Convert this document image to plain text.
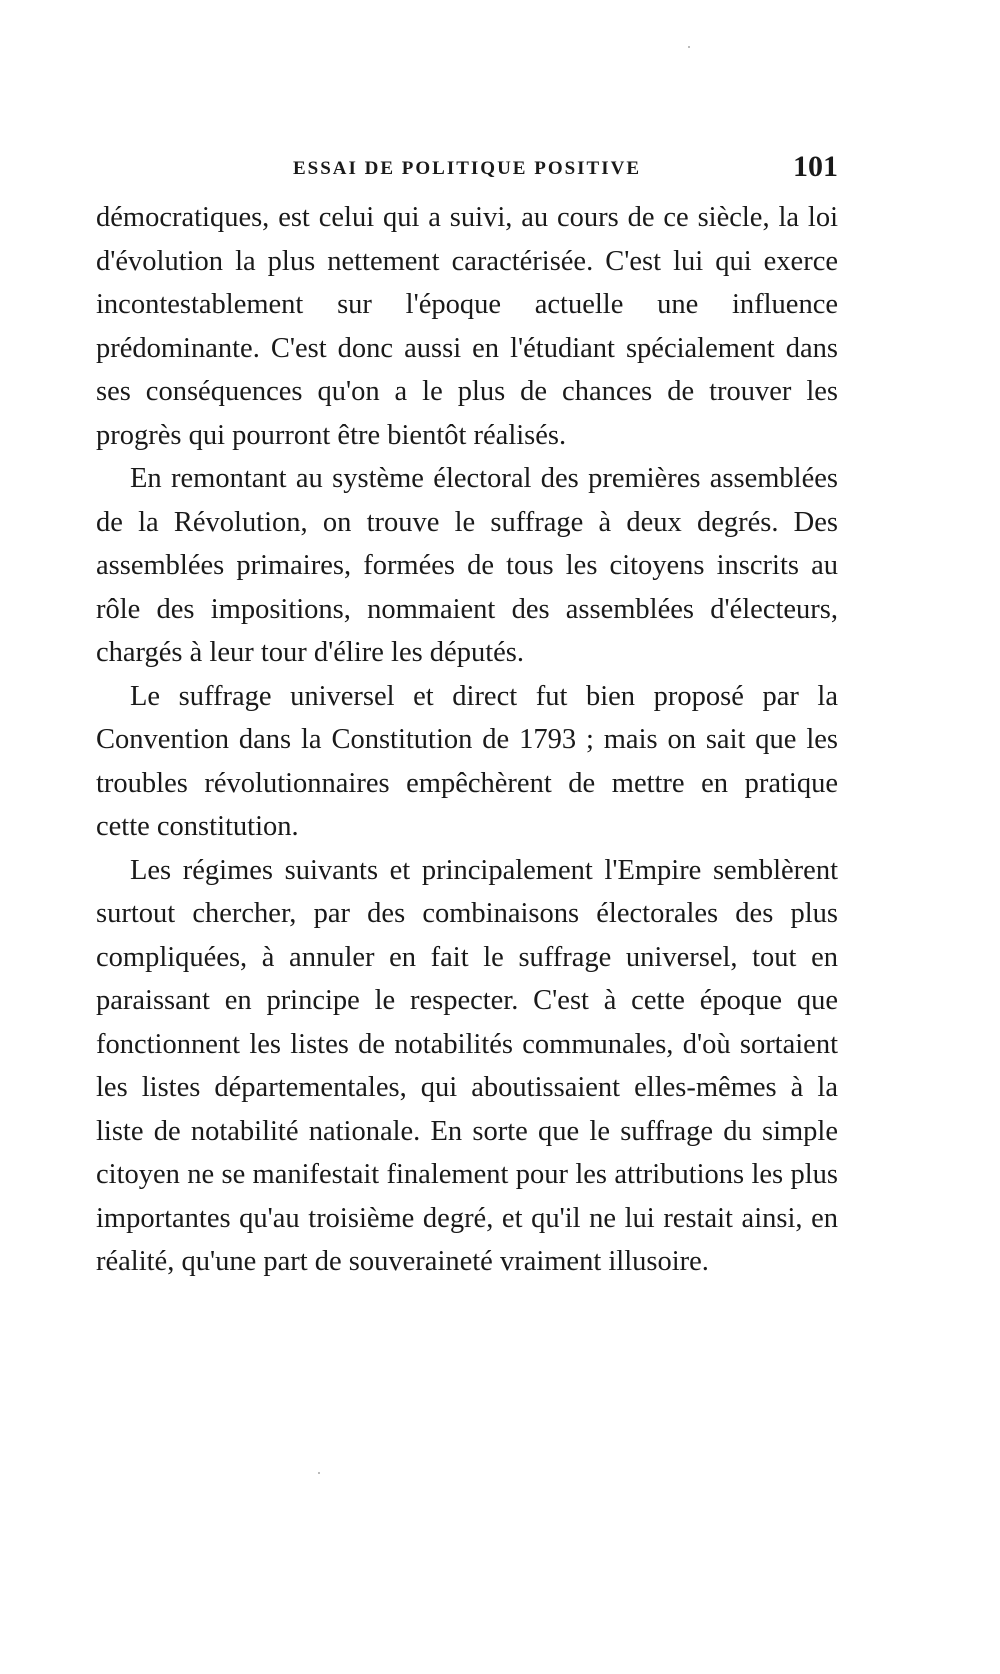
ESSAI DE POLITIQUE POSITIVE	101

démocratiques, est celui qui a suivi, au cours de ce siècle, la loi d'évolution la plus nettement caractérisée. C'est lui qui exerce incontestablement sur l'époque actuelle une influence prédominante. C'est donc aussi en l'étudiant spécialement dans ses conséquences qu'on a le plus de chances de trouver les progrès qui pourront être bientôt réalisés.

En remontant au système électoral des premières assemblées de la Révolution, on trouve le suffrage à deux degrés. Des assemblées primaires, formées de tous les citoyens inscrits au rôle des impositions, nommaient des assemblées d'électeurs, chargés à leur tour d'élire les députés.

Le suffrage universel et direct fut bien proposé par la Convention dans la Constitution de 1793 ; mais on sait que les troubles révolutionnaires empêchèrent de mettre en pratique cette constitution.

Les régimes suivants et principalement l'Empire semblèrent surtout chercher, par des combinaisons électorales des plus compliquées, à annuler en fait le suffrage universel, tout en paraissant en principe le respecter. C'est à cette époque que fonctionnent les listes de notabilités communales, d'où sortaient les listes départementales, qui aboutissaient elles-mêmes à la liste de notabilité nationale. En sorte que le suffrage du simple citoyen ne se manifestait finalement pour les attributions les plus importantes qu'au troisième degré, et qu'il ne lui restait ainsi, en réalité, qu'une part de souveraineté vraiment illusoire.
